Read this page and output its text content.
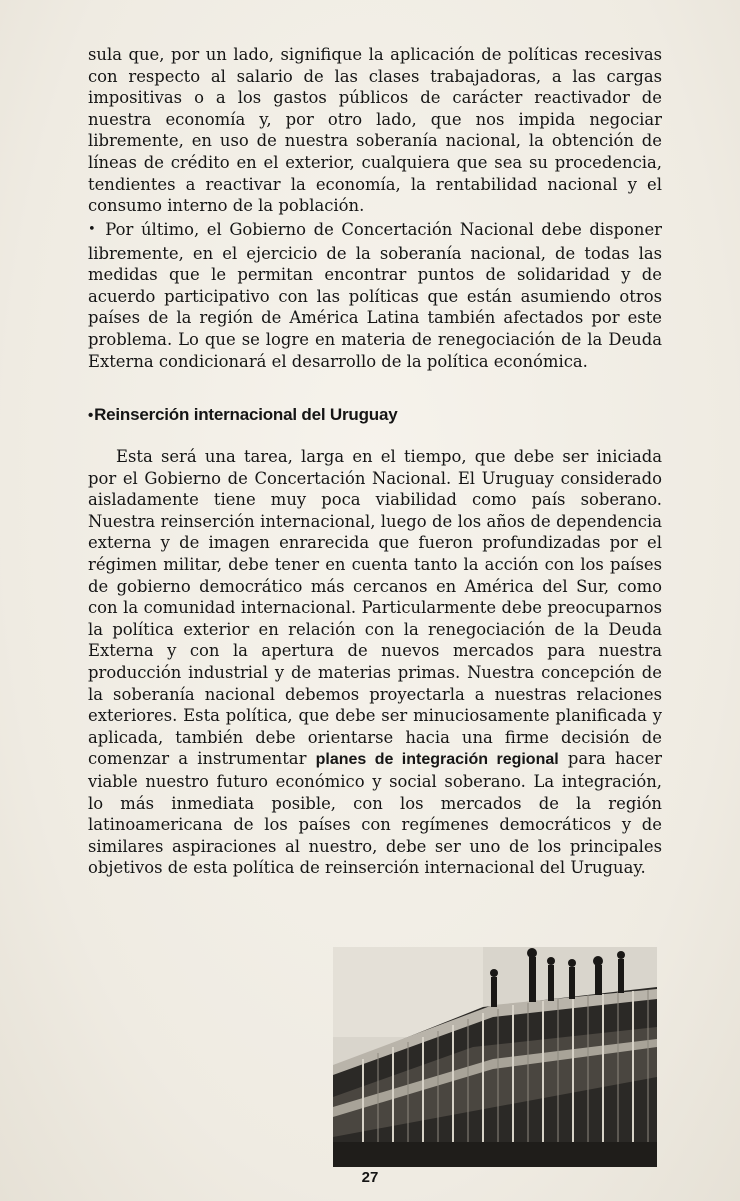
sula que, por un lado, signifique la aplicación de políticas recesivas con respecto al salario de las clases trabajadoras, a las cargas impositivas o a los gastos públicos de carácter reactivador de nuestra economía y, por otro lado, que nos impida negociar libremente, en uso de nuestra soberanía nacional, la obtención de líneas de crédito en el exterior, cualquiera que sea su procedencia, tendientes a reactivar la economía, la rentabilidad nacional y el consumo interno de la población.

• Por último, el Gobierno de Concertación Nacional debe disponer libremente, en el ejercicio de la soberanía nacional, de todas las medidas que le permitan encontrar puntos de solidaridad y de acuerdo participativo con las políticas que están asumiendo otros países de la región de América Latina también afectados por este problema. Lo que se logre en materia de renegociación de la Deuda Externa condicionará el desarrollo de la política económica.

•Reinserción internacional del Uruguay

Esta será una tarea, larga en el tiempo, que debe ser iniciada por el Gobierno de Concertación Nacional. El Uruguay considerado aisladamente tiene muy poca viabilidad como país soberano. Nuestra reinserción internacional, luego de los años de dependencia externa y de imagen enrarecida que fueron profundizadas por el régimen militar, debe tener en cuenta tanto la acción con los países de gobierno democrático más cercanos en América del Sur, como con la comunidad internacional. Particularmente debe preocuparnos la política exterior en relación con la renegociación de la Deuda Externa y con la apertura de nuevos mercados para nuestra producción industrial y de materias primas. Nuestra concepción de la soberanía nacional debemos proyectarla a nuestras relaciones exteriores. Esta política, que debe ser minuciosamente planificada y aplicada, también debe orientarse hacia una firme decisión de comenzar a instrumentar planes de integración regional para hacer viable nuestro futuro económico y social soberano. La integración, lo más inmediata posible, con los mercados de la región latinoamericana de los países con regímenes democráticos y de similares aspiraciones al nuestro, debe ser uno de los principales objetivos de esta política de reinserción internacional del Uruguay.

27
